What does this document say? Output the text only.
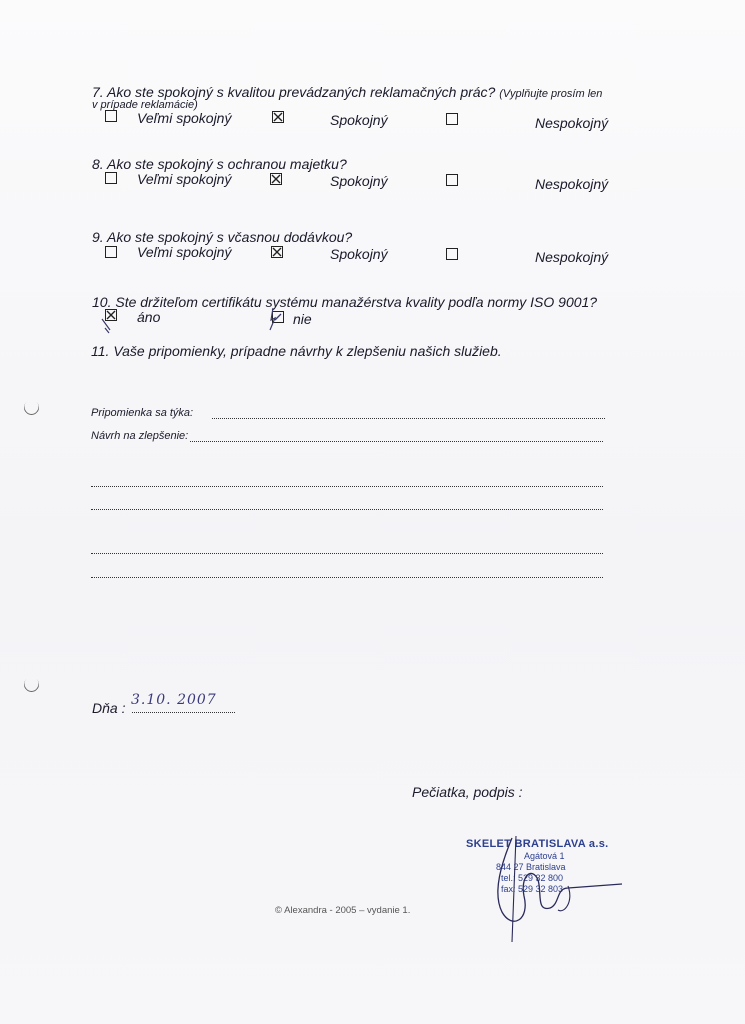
7. Ako ste spokojný s kvalitou prevádzaných reklamačných prác? (Vyplňujte prosím len
v prípade reklamácie)
Veľmi spokojný	Spokojný	Nespokojný
8. Ako ste spokojný s ochranou majetku?
Veľmi spokojný	Spokojný	Nespokojný
9. Ako ste spokojný s včasnou dodávkou?
Veľmi spokojný	Spokojný	Nespokojný
10. Ste držiteľom certifikátu systému manažérstva kvality podľa normy ISO 9001?
áno	nie
11. Vaše pripomienky, prípadne návrhy k zlepšeniu našich služieb.
Pripomienka sa týka:
Návrh na zlepšenie:
Dňa : 3.10. 2007
Pečiatka, podpis :
SKELET BRATISLAVA a.s.
Agátová 1
844 27 Bratislava
tel.: 529 32 800
fax: 529 32 803
© Alexandra - 2005 – vydanie 1.
